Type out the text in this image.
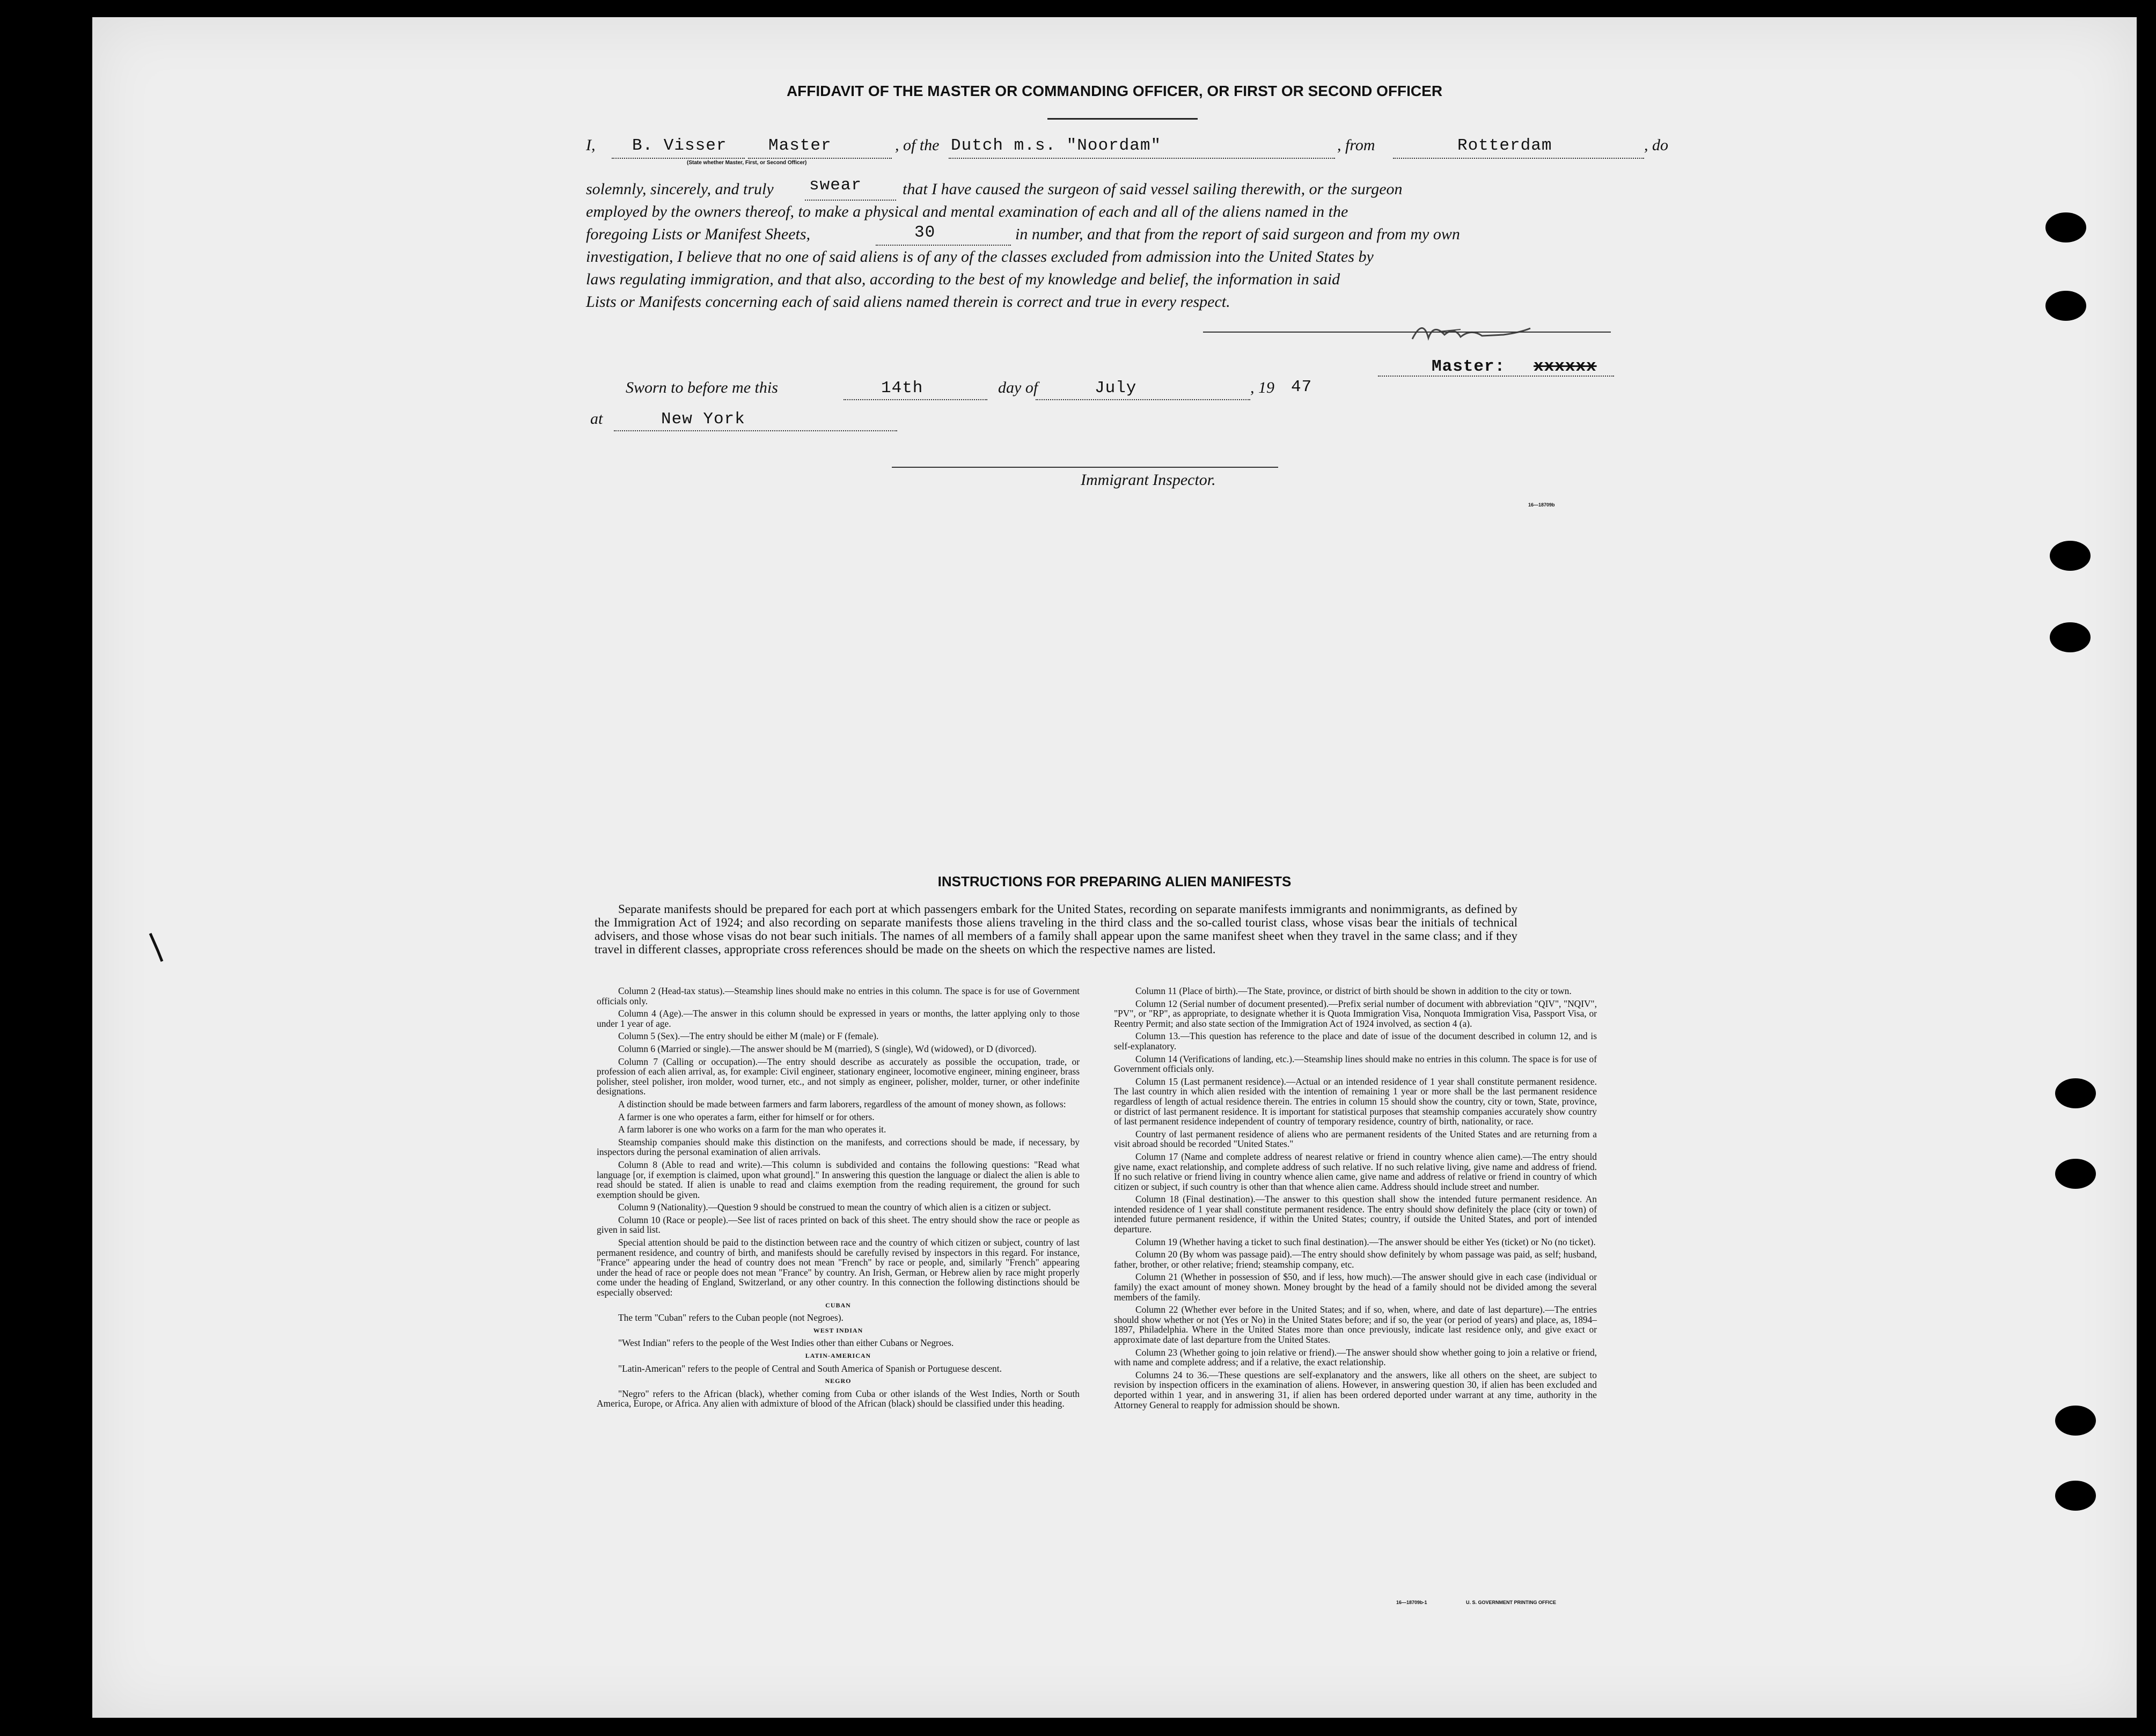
AFFIDAVIT OF THE MASTER OR COMMANDING OFFICER, OR FIRST OR SECOND OFFICER
I, B. Visser	Master
(State whether Master, First, or Second Officer)
, of the Dutch m.s. "Noordam"	, from	Rotterdam	, do
solemnly, sincerely, and truly swear	that I have caused the surgeon of said vessel sailing therewith, or the surgeon
employed by the owners thereof, to make a physical and mental examination of each and all of the aliens named in the
foregoing Lists or Manifest Sheets,	30	in number, and that from the report of said surgeon and from my own
investigation, I believe that no one of said aliens is of any of the classes excluded from admission into the United States by
laws regulating immigration, and that also, according to the best of my knowledge and belief, the information in said
Lists or Manifests concerning each of said aliens named therein is correct and true in every respect.
Master: xxxxxx
Sworn to before me this	14th	day of	July	, 19 47
at	New York
Immigrant Inspector.
16—18709b
INSTRUCTIONS FOR PREPARING ALIEN MANIFESTS
Separate manifests should be prepared for each port at which passengers embark for the United States, recording on separate manifests immigrants and nonimmigrants, as defined by the Immigration Act of 1924; and also recording on separate manifests those aliens traveling in the third class and the so-called tourist class, whose visas bear the initials of technical advisers, and those whose visas do not bear such initials. The names of all members of a family shall appear upon the same manifest sheet when they travel in the same class; and if they travel in different classes, appropriate cross references should be made on the sheets on which the respective names are listed.

Column 2 (Head-tax status).—Steamship lines should make no entries in this column. The space is for use of Government officials only.

Column 4 (Age).—The answer in this column should be expressed in years or months, the latter applying only to those under 1 year of age.

Column 5 (Sex).—The entry should be either M (male) or F (female).

Column 6 (Married or single).—The answer should be M (married), S (single), Wd (widowed), or D (divorced).

Column 7 (Calling or occupation).—The entry should describe as accurately as possible the occupation, trade, or profession of each alien arrival, as, for example: Civil engineer, stationary engineer, locomotive engineer, mining engineer, brass polisher, steel polisher, iron molder, wood turner, etc., and not simply as engineer, polisher, molder, turner, or other indefinite designations.

A distinction should be made between farmers and farm laborers, regardless of the amount of money shown, as follows:

A farmer is one who operates a farm, either for himself or for others.

A farm laborer is one who works on a farm for the man who operates it.

Steamship companies should make this distinction on the manifests, and corrections should be made, if necessary, by inspectors during the personal examination of alien arrivals.

Column 8 (Able to read and write).—This column is subdivided and contains the following questions: "Read what language [or, if exemption is claimed, upon what ground]." In answering this question the language or dialect the alien is able to read should be stated. If alien is unable to read and claims exemption from the reading requirement, the ground for such exemption should be given.

Column 9 (Nationality).—Question 9 should be construed to mean the country of which alien is a citizen or subject.

Column 10 (Race or people).—See list of races printed on back of this sheet. The entry should show the race or people as given in said list.

Special attention should be paid to the distinction between race and the country of which citizen or subject, country of last permanent residence, and country of birth, and manifests should be carefully revised by inspectors in this regard. For instance, "France" appearing under the head of country does not mean "French" by race or people, and, similarly "French" appearing under the head of race or people does not mean "France" by country. An Irish, German, or Hebrew alien by race might properly come under the heading of England, Switzerland, or any other country. In this connection the following distinctions should be especially observed:

CUBAN

The term "Cuban" refers to the Cuban people (not Negroes).

WEST INDIAN

"West Indian" refers to the people of the West Indies other than either Cubans or Negroes.

LATIN-AMERICAN

"Latin-American" refers to the people of Central and South America of Spanish or Portuguese descent.

NEGRO

"Negro" refers to the African (black), whether coming from Cuba or other islands of the West Indies, North or South America, Europe, or Africa. Any alien with admixture of blood of the African (black) should be classified under this heading.

Column 11 (Place of birth).—The State, province, or district of birth should be shown in addition to the city or town.

Column 12 (Serial number of document presented).—Prefix serial number of document with abbreviation "QIV", "NQIV", "PV", or "RP", as appropriate, to designate whether it is Quota Immigration Visa, Nonquota Immigration Visa, Passport Visa, or Reentry Permit; and also state section of the Immigration Act of 1924 involved, as section 4 (a).

Column 13.—This question has reference to the place and date of issue of the document described in column 12, and is self-explanatory.

Column 14 (Verifications of landing, etc.).—Steamship lines should make no entries in this column. The space is for use of Government officials only.

Column 15 (Last permanent residence).—Actual or an intended residence of 1 year shall constitute permanent residence. The last country in which alien resided with the intention of remaining 1 year or more shall be the last permanent residence regardless of length of actual residence therein. The entries in column 15 should show the country, city or town, State, province, or district of last permanent residence. It is important for statistical purposes that steamship companies accurately show country of last permanent residence independent of country of temporary residence, country of birth, nationality, or race.

Country of last permanent residence of aliens who are permanent residents of the United States and are returning from a visit abroad should be recorded "United States."

Column 17 (Name and complete address of nearest relative or friend in country whence alien came).—The entry should give name, exact relationship, and complete address of such relative. If no such relative living, give name and address of friend. If no such relative or friend living in country whence alien came, give name and address of relative or friend in country of which citizen or subject, if such country is other than that whence alien came. Address should include street and number.

Column 18 (Final destination).—The answer to this question shall show the intended future permanent residence. An intended residence of 1 year shall constitute permanent residence. The entry should show definitely the place (city or town) of intended future permanent residence, if within the United States; country, if outside the United States, and port of intended departure.

Column 19 (Whether having a ticket to such final destination).—The answer should be either Yes (ticket) or No (no ticket).

Column 20 (By whom was passage paid).—The entry should show definitely by whom passage was paid, as self; husband, father, brother, or other relative; friend; steamship company, etc.

Column 21 (Whether in possession of $50, and if less, how much).—The answer should give in each case (individual or family) the exact amount of money shown. Money brought by the head of a family should not be divided among the several members of the family.

Column 22 (Whether ever before in the United States; and if so, when, where, and date of last departure).—The entries should show whether or not (Yes or No) in the United States before; and if so, the year (or period of years) and place, as, 1894–1897, Philadelphia. Where in the United States more than once previously, indicate last residence only, and give exact or approximate date of last departure from the United States.

Column 23 (Whether going to join relative or friend).—The answer should show whether going to join a relative or friend, with name and complete address; and if a relative, the exact relationship.

Columns 24 to 36.—These questions are self-explanatory and the answers, like all others on the sheet, are subject to revision by inspection officers in the examination of aliens. However, in answering question 30, if alien has been excluded and deported within 1 year, and in answering 31, if alien has been ordered deported under warrant at any time, authority in the Attorney General to reapply for admission should be shown.

16—18709b-1	U. S. GOVERNMENT PRINTING OFFICE
